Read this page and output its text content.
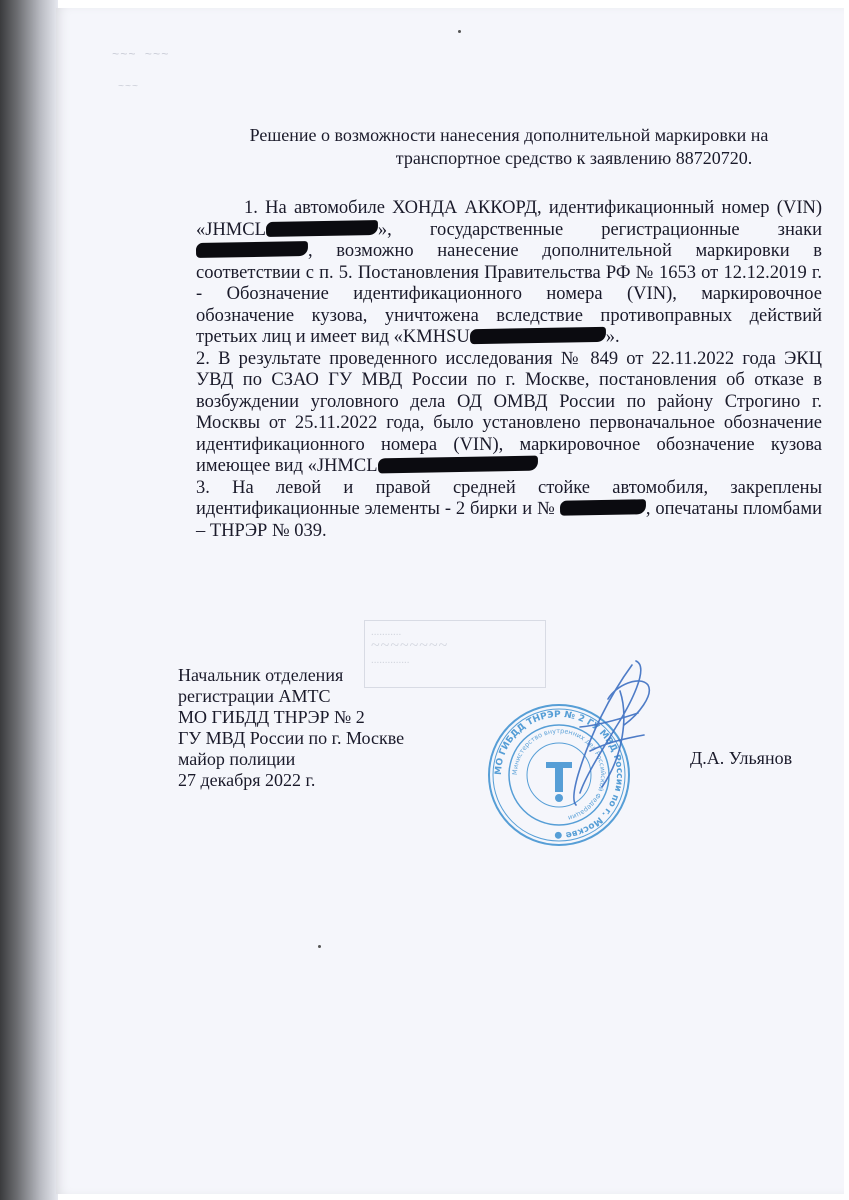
~~~ ~~~
~~~
Решение о возможности нанесения дополнительной маркировки на
транспортное средство к заявлению 88720720.
...........
~~~~~~~~
..............

1. На автомобиле ХОНДА АККОРД, идентификационный номер (VIN) «JHMCL	», государственные регистрационные знаки , возможно нанесение дополнительной маркировки в соответствии с п. 5. Постановления Правительства РФ № 1653 от 12.12.2019 г. - Обозначение идентификационного номера (VIN), маркировочное обозначение кузова, уничтожена вследствие противоправных действий третьих лиц и имеет вид «KMHSU	».

2. В результате проведенного исследования № 849 от 22.11.2022 года ЭКЦ УВД по СЗАО ГУ МВД России по г. Москве, постановления об отказе в возбуждении уголовного дела ОД ОМВД России по району Строгино г. Москвы от 25.11.2022 года, было установлено первоначальное обозначение идентификационного номера (VIN), маркировочное обозначение кузова имеющее вид «JHMCL

3. На левой и правой средней стойке автомобиля, закреплены идентификационные элементы - 2 бирки и №	, опечатаны пломбами – ТНРЭР № 039.

Начальник отделения
регистрации АМТС
МО ГИБДД ТНРЭР № 2
ГУ МВД России по г. Москве
майор полиции
27 декабря 2022 г.
Д.А. Ульянов
МО ГИБДД ТНРЭР № 2 ГУ МВД России по г. Москве ●
Министерство внутренних дел Российской Федерации
